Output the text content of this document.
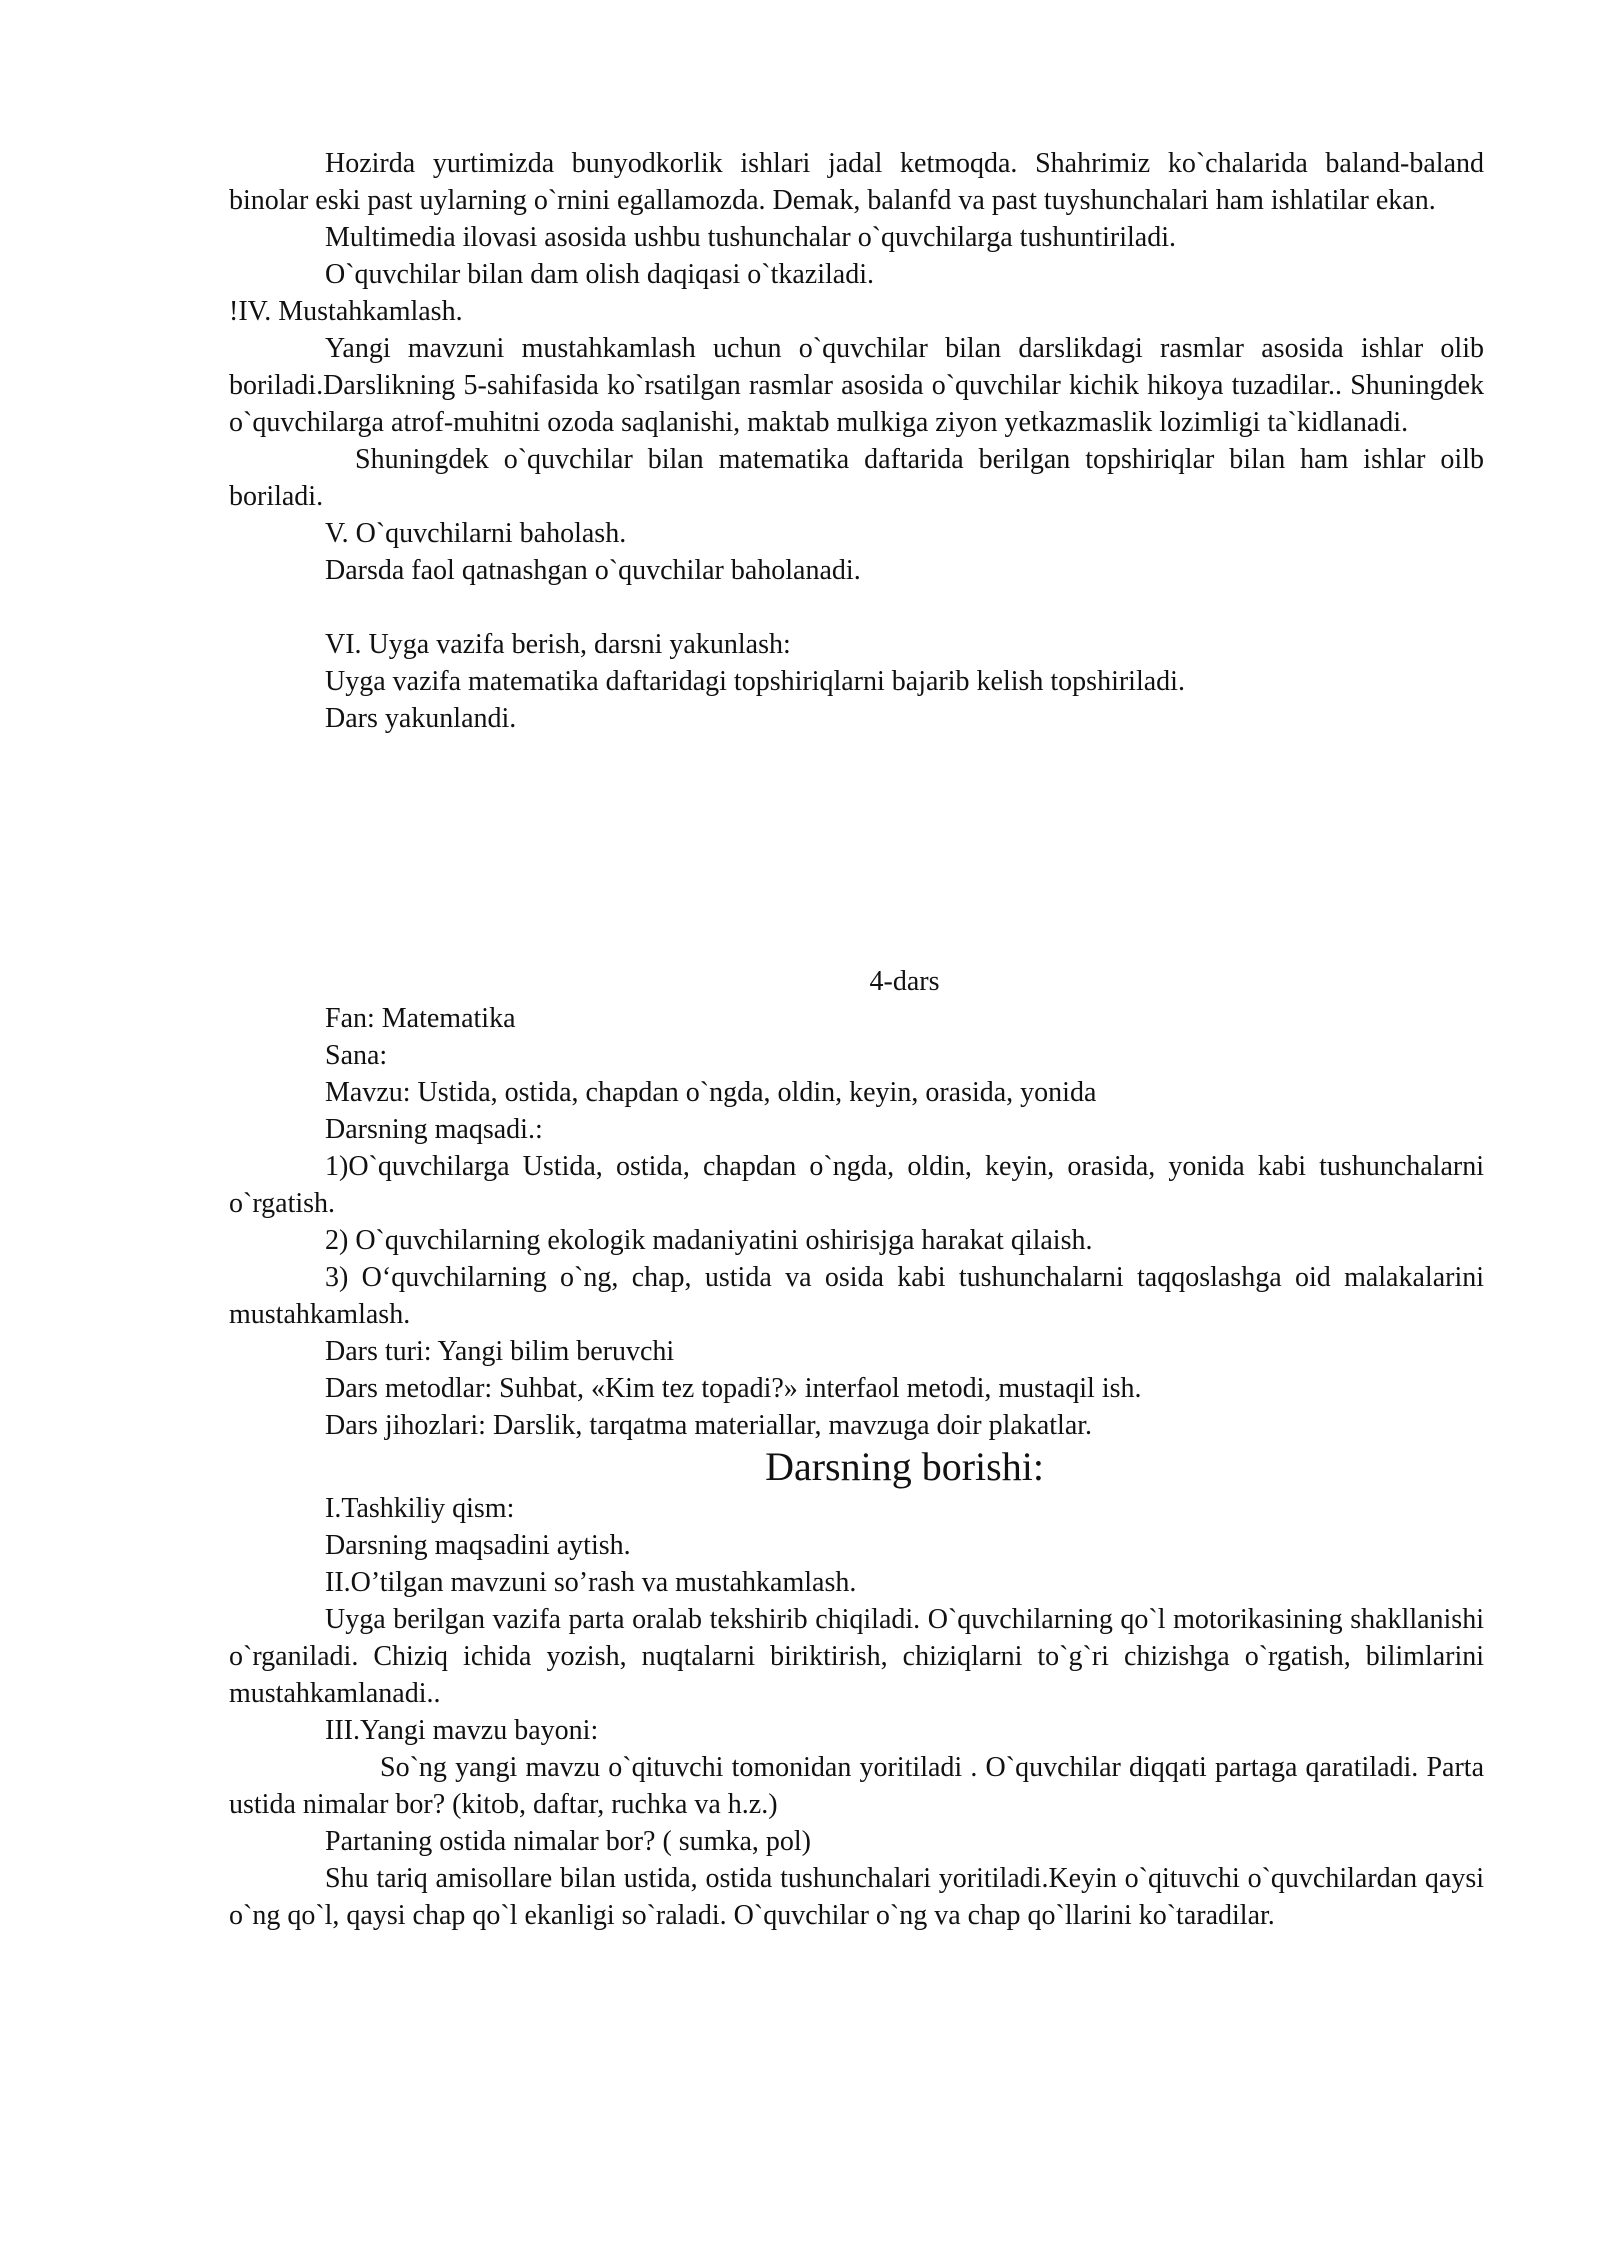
Hozirda yurtimizda bunyodkorlik ishlari jadal ketmoqda. Shahrimiz ko`chalarida baland-baland binolar eski past uylarning o`rnini egallamozda. Demak, balanfd va past tuyshunchalari ham ishlatilar ekan.

Multimedia ilovasi asosida ushbu tushunchalar o`quvchilarga tushuntiriladi.

O`quvchilar bilan dam olish daqiqasi o`tkaziladi.

!IV. Mustahkamlash.

Yangi mavzuni mustahkamlash uchun o`quvchilar bilan darslikdagi rasmlar asosida ishlar olib boriladi.Darslikning 5-sahifasida ko`rsatilgan rasmlar asosida o`quvchilar kichik hikoya tuzadilar.. Shuningdek o`quvchilarga atrof-muhitni ozoda saqlanishi, maktab mulkiga ziyon yetkazmaslik lozimligi ta`kidlanadi.

Shuningdek o`quvchilar bilan matematika daftarida berilgan topshiriqlar bilan ham ishlar oilb boriladi.

V. O`quvchilarni baholash.

Darsda faol qatnashgan o`quvchilar baholanadi.

VI. Uyga vazifa berish, darsni yakunlash:

Uyga vazifa matematika daftaridagi topshiriqlarni bajarib kelish topshiriladi.

Dars yakunlandi.

4-dars

Fan: Matematika

Sana:

Mavzu: Ustida, ostida, chapdan o`ngda, oldin, keyin, orasida, yonida

Darsning maqsadi.:

1)O`quvchilarga Ustida, ostida, chapdan o`ngda, oldin, keyin, orasida, yonida kabi tushunchalarni o`rgatish.

2) O`quvchilarning ekologik madaniyatini oshirisjga harakat qilaish.

3) O‘quvchilarning o`ng, chap, ustida va osida kabi tushunchalarni taqqoslashga oid malakalarini mustahkamlash.

Dars turi: Yangi bilim beruvchi

Dars metodlar: Suhbat, «Kim tez topadi?» interfaol metodi, mustaqil ish.

Dars jihozlari: Darslik, tarqatma materiallar, mavzuga doir plakatlar.

Darsning borishi:

I.Tashkiliy qism:

Darsning maqsadini aytish.

II.O’tilgan mavzuni so’rash va mustahkamlash.

Uyga berilgan vazifa parta oralab tekshirib chiqiladi. O`quvchilarning qo`l motorikasining shakllanishi o`rganiladi. Chiziq ichida yozish, nuqtalarni biriktirish, chiziqlarni to`g`ri chizishga o`rgatish, bilimlarini mustahkamlanadi..

III.Yangi mavzu bayoni:

So`ng yangi mavzu o`qituvchi tomonidan yoritiladi . O`quvchilar diqqati partaga qaratiladi. Parta ustida nimalar bor? (kitob, daftar, ruchka va h.z.)

Partaning ostida nimalar bor? ( sumka, pol)

Shu tariq amisollare bilan ustida, ostida tushunchalari yoritiladi.Keyin o`qituvchi o`quvchilardan qaysi o`ng qo`l, qaysi chap qo`l ekanligi so`raladi. O`quvchilar o`ng va chap qo`llarini ko`taradilar.
